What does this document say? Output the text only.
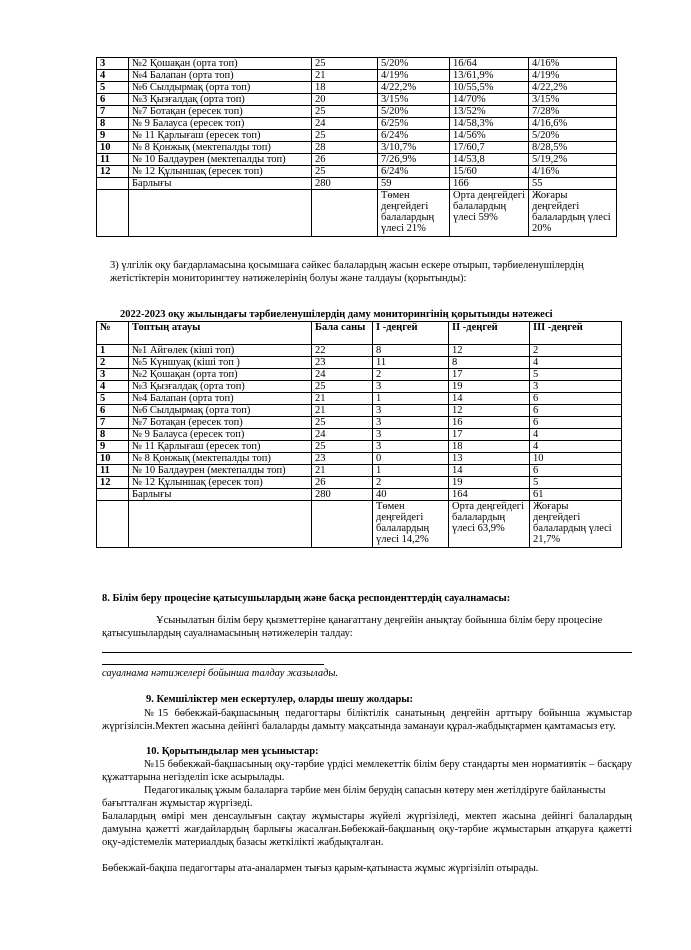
3	№2 Қошақан (орта топ)	25	5/20%	16/64	4/16%
4	№4 Балапан (орта топ)	21	4/19%	13/61,9%	4/19%
5	№6 Сылдырмақ (орта топ)	18	4/22,2%	10/55,5%	4/22,2%
6	№3 Қызғалдақ (орта топ)	20	3/15%	14/70%	3/15%
7	№7 Ботақан (ересек топ)	25	5/20%	13/52%	7/28%
8	№ 9 Балауса (ересек топ)	24	6/25%	14/58,3%	4/16,6%
9	№ 11 Қарлығаш (ересек топ)	25	6/24%	14/56%	5/20%
10	№ 8 Қонжық (мектепалды топ)	28	3/10,7%	17/60,7	8/28,5%
11	№ 10 Балдәурен (мектепалды топ)	26	7/26,9%	14/53,8	5/19,2%
12	№ 12 Құлыншақ (ересек топ)	25	6/24%	15/60	4/16%
	Барлығы	280	59	166	55
			Төмен деңгейдегі балалардың үлесі 21%	Орта деңгейдегі балалардың үлесі 59%	Жоғары деңгейдегі балалардың үлесі 20%
3) үлгілік оқу бағдарламасына қосымшаға сәйкес балалардың жасын ескере отырып, тәрбиеленушілердің жетістіктерін мониторингтеу нәтижелерінің болуы және талдауы (қорытынды):
2022-2023 оқу жылындағы тәрбиеленушілердің даму мониторингінің қорытынды нәтежесі
№	Топтың атауы	Бала саны	І -деңгей	ІІ -деңгей	ІІІ -деңгей
1	№1 Айгөлек (кіші топ)	22	8	12	2
2	№5 Күншуақ (кіші топ )	23	11	8	4
3	№2 Қошақан (орта топ)	24	2	17	5
4	№3 Қызғалдақ (орта топ)	25	3	19	3
5	№4 Балапан (орта топ)	21	1	14	6
6	№6 Сылдырмақ (орта топ)	21	3	12	6
7	№7 Ботақан (ересек топ)	25	3	16	6
8	№ 9 Балауса (ересек топ)	24	3	17	4
9	№ 11 Қарлығаш (ересек топ)	25	3	18	4
10	№ 8 Қонжық (мектепалды топ)	23	0	13	10
11	№ 10 Балдәурен (мектепалды топ)	21	1	14	6
12	№ 12 Құлыншақ (ересек топ)	26	2	19	5
	Барлығы	280	40	164	61
			Төмен деңгейдегі балалардың үлесі 14,2%	Орта деңгейдегі балалардың үлесі 63,9%	Жоғары деңгейдегі балалардың үлесі 21,7%
8. Білім беру процесіне қатысушылардың және басқа респонденттердің сауалнамасы:
Ұсынылатын білім беру қызметтеріне қанағаттану деңгейін анықтау бойынша білім беру процесіне қатысушылардың сауалнамасының нәтижелерін талдау:
сауалнама нәтижелері бойынша талдау жазылады.
9. Кемшіліктер мен ескертулер, оларды шешу жолдары:
№15 бөбекжай-бақшасының педагогтары біліктілік санатының деңгейін арттыру бойынша жұмыстар жүргізілсін.Мектеп жасына дейінгі балаларды дамыту мақсатында заманауи құрал-жабдықтармен қамтамасыз ету.
10. Қорытындылар мен ұсыныстар:
№15 бөбекжай-бақшасының оқу-тәрбие үрдісі мемлекеттік білім беру стандарты мен нормативтік – басқару құжаттарына негізделіп іске асырылады.
Педагогикалық ұжым балаларға тәрбие мен білім берудің сапасын көтеру мен жетілдіруге байланысты бағытталған жұмыстар жүргізеді.
Балалардың өмірі мен денсаулығын сақтау жұмыстары жүйелі жүргізіледі, мектеп жасына дейінгі балалардың дамуына қажетті жағдайлардың барлығы жасалған.Бөбекжай-бақшаның оқу-тәрбие жұмыстарын атқаруға қажетті оқу-әдістемелік материалдық базасы жеткілікті жабдықталған.
Бөбекжай-бақша педагогтары ата-аналармен тығыз қарым-қатынаста жұмыс жүргізіліп отырады.
